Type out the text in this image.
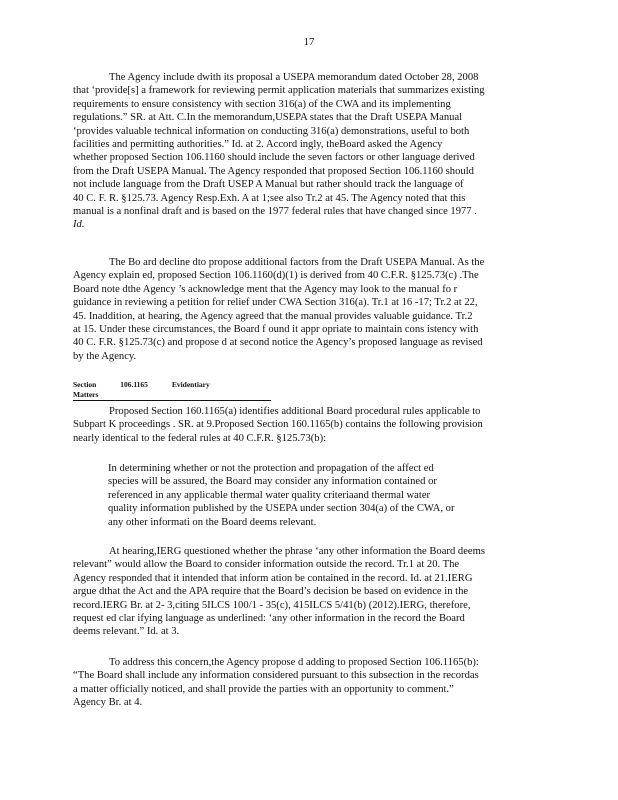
17
The Agency include dwith its proposal a USEPA memorandum dated October 28, 2008
that ‘provide[s] a framework for reviewing permit application materials that summarizes existing
requirements to ensure consistency with section 316(a) of the CWA and its implementing
regulations.” SR. at Att. C.In the memorandum,USEPA states that the Draft USEPA Manual
‘provides valuable technical information on conducting 316(a) demonstrations, useful to both
facilities and permitting authorities.” Id. at 2. Accord ingly, theBoard asked the Agency
whether proposed Section 106.1160 should include the seven factors or other language derived
from the Draft USEPA Manual. The Agency responded that proposed Section 106.1160 should
not include language from the Draft USEP A Manual but rather should track the language of
40 C. F. R. §125.73. Agency Resp.Exh. A at 1;see also Tr.2 at 45. The Agency noted that this
manual is a nonfinal draft and is based on the 1977 federal rules that have changed since 1977 .
Id.
The Bo ard decline dto propose additional factors from the Draft USEPA Manual. As the
Agency explain ed, proposed Section 106.1160(d)(1) is derived from 40 C.F.R. §125.73(c) .The
Board note dthe Agency ’s acknowledge ment that the Agency may look to the manual fo r
guidance in reviewing a petition for relief under CWA Section 316(a). Tr.1 at 16 -17; Tr.2 at 22,
45. Inaddition, at hearing, the Agency agreed that the manual provides valuable guidance. Tr.2
at 15. Under these circumstances, the Board f ound it appr opriate to maintain cons istency with
40 C. F.R. §125.73(c) and propose d at second notice the Agency’s proposed language as revised
by the Agency.
Section	106.1165	Evidentiary Matters
Proposed Section 160.1165(a) identifies additional Board procedural rules applicable to
Subpart K proceedings . SR. at 9.Proposed Section 160.1165(b) contains the following provision
nearly identical to the federal rules at 40 C.F.R. §125.73(b):
In determining whether or not the protection and propagation of the affect ed
species will be assured, the Board may consider any information contained or
referenced in any applicable thermal water quality criteriaand thermal water
quality information published by the USEPA under section 304(a) of the CWA, or
any other informati on the Board deems relevant.
At hearing,IERG questioned whether the phrase ‘any other information the Board deems
relevant” would allow the Board to consider information outside the record. Tr.1 at 20. The
Agency responded that it intended that inform ation be contained in the record. Id. at 21.IERG
argue dthat the Act and the APA require that the Board’s decision be based on evidence in the
record.IERG Br. at 2- 3,citing 5ILCS 100/1 - 35(c), 415ILCS 5/41(b) (2012).IERG, therefore,
request ed clar ifying language as underlined: ‘any other information in the record the Board
deems relevant.” Id. at 3.
To address this concern,the Agency propose d adding to proposed Section 106.1165(b):
“The Board shall include any information considered pursuant to this subsection in the recordas
a matter officially noticed, and shall provide the parties with an opportunity to comment.”
Agency Br. at 4.
